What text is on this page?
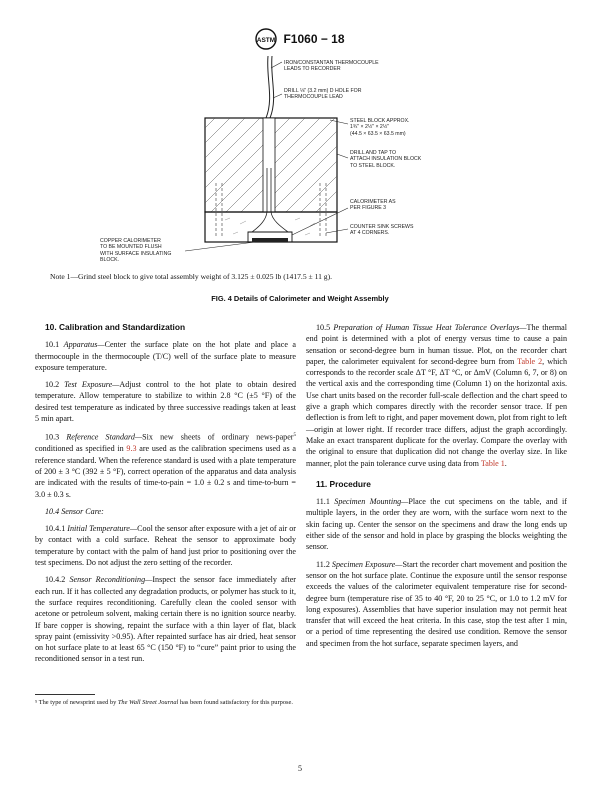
ASTM F1060 − 18
IRON/CONSTANTAN THERMOCOUPLE
LEADS TO RECORDER
DRILL ⅛" (3.2 mm) D HOLE FOR
THERMOCOUPLE LEAD
STEEL BLOCK APPROX.
1¾" × 2½" × 2½"
(44.5 × 63.5 × 63.5 mm)
DRILL AND TAP TO
ATTACH INSULATION BLOCK
TO STEEL BLOCK.
CALORIMETER AS
PER FIGURE 3
COUNTER SINK SCREWS
AT 4 CORNERS.
COPPER CALORIMETER
TO BE MOUNTED FLUSH
WITH SURFACE INSULATING
BLOCK.
Note 1—Grind steel block to give total assembly weight of 3.125 ± 0.025 lb (1417.5 ± 11 g).
FIG. 4 Details of Calorimeter and Weight Assembly

10. Calibration and Standardization

10.1 Apparatus—Center the surface plate on the hot plate and place a thermocouple in the thermocouple (T/C) well of the surface plate to measure exposure temperature.

10.2 Test Exposure—Adjust control to the hot plate to obtain desired temperature. Allow temperature to stabilize to within 2.8 °C (±5 °F) of the desired test temperature as indicated by three successive readings taken at least 5 min apart.

10.3 Reference Standard—Six new sheets of ordinary news-paper$^5$ conditioned as specified in 9.3 are used as the calibration specimens used as a reference standard. When the reference standard is used with a plate temperature of 200 ± 3 °C (392 ± 5 °F), correct operation of the apparatus and data analysis are indicated with the results of time-to-pain = 1.0 ± 0.2 s and time-to-burn = 3.0 ± 0.3 s.

10.4 Sensor Care:

10.4.1 Initial Temperature—Cool the sensor after exposure with a jet of air or by contact with a cold surface. Reheat the sensor to approximate body temperature by contact with the palm of hand just prior to positioning over the test specimens. Do not adjust the zero setting of the recorder.

10.4.2 Sensor Reconditioning—Inspect the sensor face immediately after each run. If it has collected any degradation products, or polymer has stuck to it, the surface requires reconditioning. Carefully clean the cooled sensor with acetone or petroleum solvent, making certain there is no ignition source nearby. If bare copper is showing, repaint the surface with a thin layer of flat, black spray paint (emissivity >0.95). After repainted surface has air dried, heat sensor on hot surface plate to at least 65 °C (150 °F) to “cure” paint prior to using the reconditioned sensor in a test run.

⁵ The type of newsprint used by The Wall Street Journal has been found satisfactory for this purpose.

10.5 Preparation of Human Tissue Heat Tolerance Overlays—The thermal end point is determined with a plot of energy versus time to cause a pain sensation or second-degree burn in human tissue. Plot, on the recorder chart paper, the calorimeter equivalent for second-degree burn from Table 2, which corresponds to the recorder scale ΔT °F, ΔT °C, or ΔmV (Column 6, 7, or 8) on the vertical axis and the corresponding time (Column 1) on the horizontal axis. Use chart units based on the recorder full-scale deflection and the chart speed to give a graph which compares directly with the recorder sensor trace. If pen deflection is from left to right, and paper movement down, plot from right to left—origin at lower right. If recorder trace differs, adjust the graph accordingly. Make an exact transparent duplicate for the overlay. Compare the overlay with the original to ensure that duplication did not change the overlay size. In like manner, plot the pain tolerance curve using data from Table 1.

11. Procedure

11.1 Specimen Mounting—Place the cut specimens on the table, and if multiple layers, in the order they are worn, with the surface worn next to the skin facing up. Center the sensor on the specimens and draw the long ends up either side of the sensor and hold in place by grasping the blocks weighting the sensor.

11.2 Specimen Exposure—Start the recorder chart movement and position the sensor on the hot surface plate. Continue the exposure until the sensor response exceeds the values of the calorimeter equivalent temperature rise for second-degree burn (temperature rise of 35 to 40 °F, 20 to 25 °C, or 1.0 to 1.2 mV for long exposures). Assemblies that have superior insulation may not permit heat transfer that will exceed the heat criteria. In this case, stop the test after 1 min, or a period of time representing the desired use condition. Remove the sensor and specimen from the hot surface, separate specimen layers, and

5
